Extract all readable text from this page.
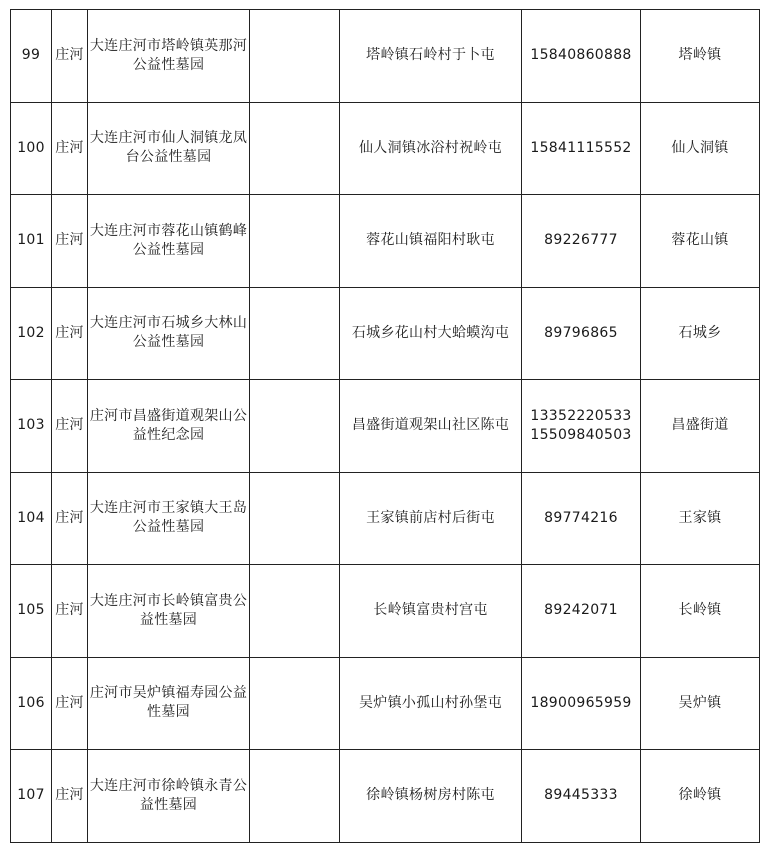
99	庄河	大连庄河市塔岭镇英那河公益性墓园		塔岭镇石岭村于卜屯	15840860888	塔岭镇
100	庄河	大连庄河市仙人洞镇龙凤台公益性墓园		仙人洞镇冰浴村祝岭屯	15841115552	仙人洞镇
101	庄河	大连庄河市蓉花山镇鹤峰公益性墓园		蓉花山镇福阳村耿屯	89226777	蓉花山镇
102	庄河	大连庄河市石城乡大林山公益性墓园		石城乡花山村大蛤蟆沟屯	89796865	石城乡
103	庄河	庄河市昌盛街道观架山公益性纪念园		昌盛街道观架山社区陈屯	13352220533
15509840503	昌盛街道
104	庄河	大连庄河市王家镇大王岛公益性墓园		王家镇前店村后街屯	89774216	王家镇
105	庄河	大连庄河市长岭镇富贵公益性墓园		长岭镇富贵村宫屯	89242071	长岭镇
106	庄河	庄河市吴炉镇福寿园公益性墓园		吴炉镇小孤山村孙堡屯	18900965959	吴炉镇
107	庄河	大连庄河市徐岭镇永青公益性墓园		徐岭镇杨树房村陈屯	89445333	徐岭镇
